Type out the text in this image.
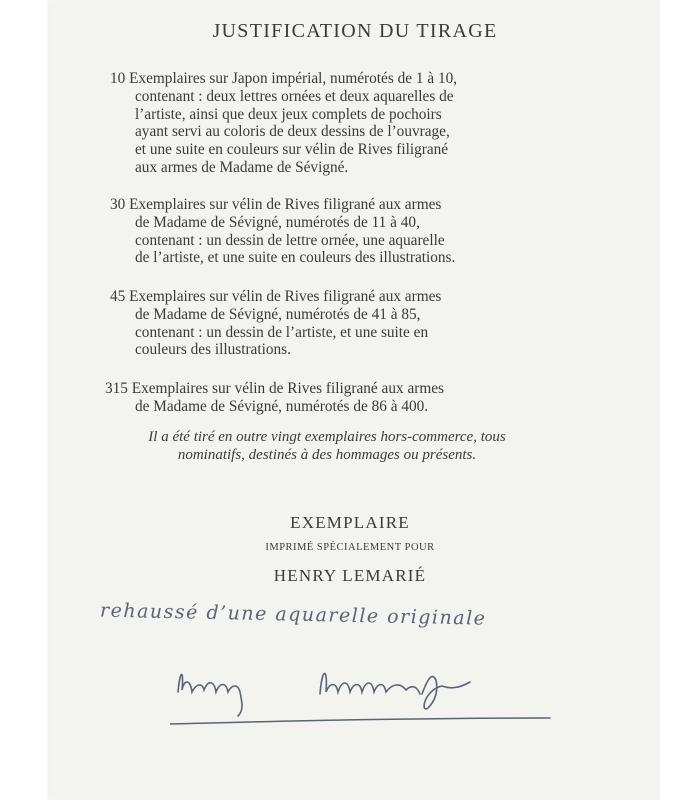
JUSTIFICATION DU TIRAGE
10 Exemplaires sur Japon impérial, numérotés de 1 à 10,
contenant : deux lettres ornées et deux aquarelles de
l’artiste, ainsi que deux jeux complets de pochoirs
ayant servi au coloris de deux dessins de l’ouvrage,
et une suite en couleurs sur vélin de Rives filigrané
aux armes de Madame de Sévigné.
30 Exemplaires sur vélin de Rives filigrané aux armes
de Madame de Sévigné, numérotés de 11 à 40,
contenant : un dessin de lettre ornée, une aquarelle
de l’artiste, et une suite en couleurs des illustrations.
45 Exemplaires sur vélin de Rives filigrané aux armes
de Madame de Sévigné, numérotés de 41 à 85,
contenant : un dessin de l’artiste, et une suite en
couleurs des illustrations.
315 Exemplaires sur vélin de Rives filigrané aux armes
de Madame de Sévigné, numérotés de 86 à 400.
Il a été tiré en outre vingt exemplaires hors-commerce, tous
nominatifs, destinés à des hommages ou présents.
EXEMPLAIRE
IMPRIMÉ SPÉCIALEMENT POUR
HENRY LEMARIÉ
rehaussé d’une aquarelle originale
